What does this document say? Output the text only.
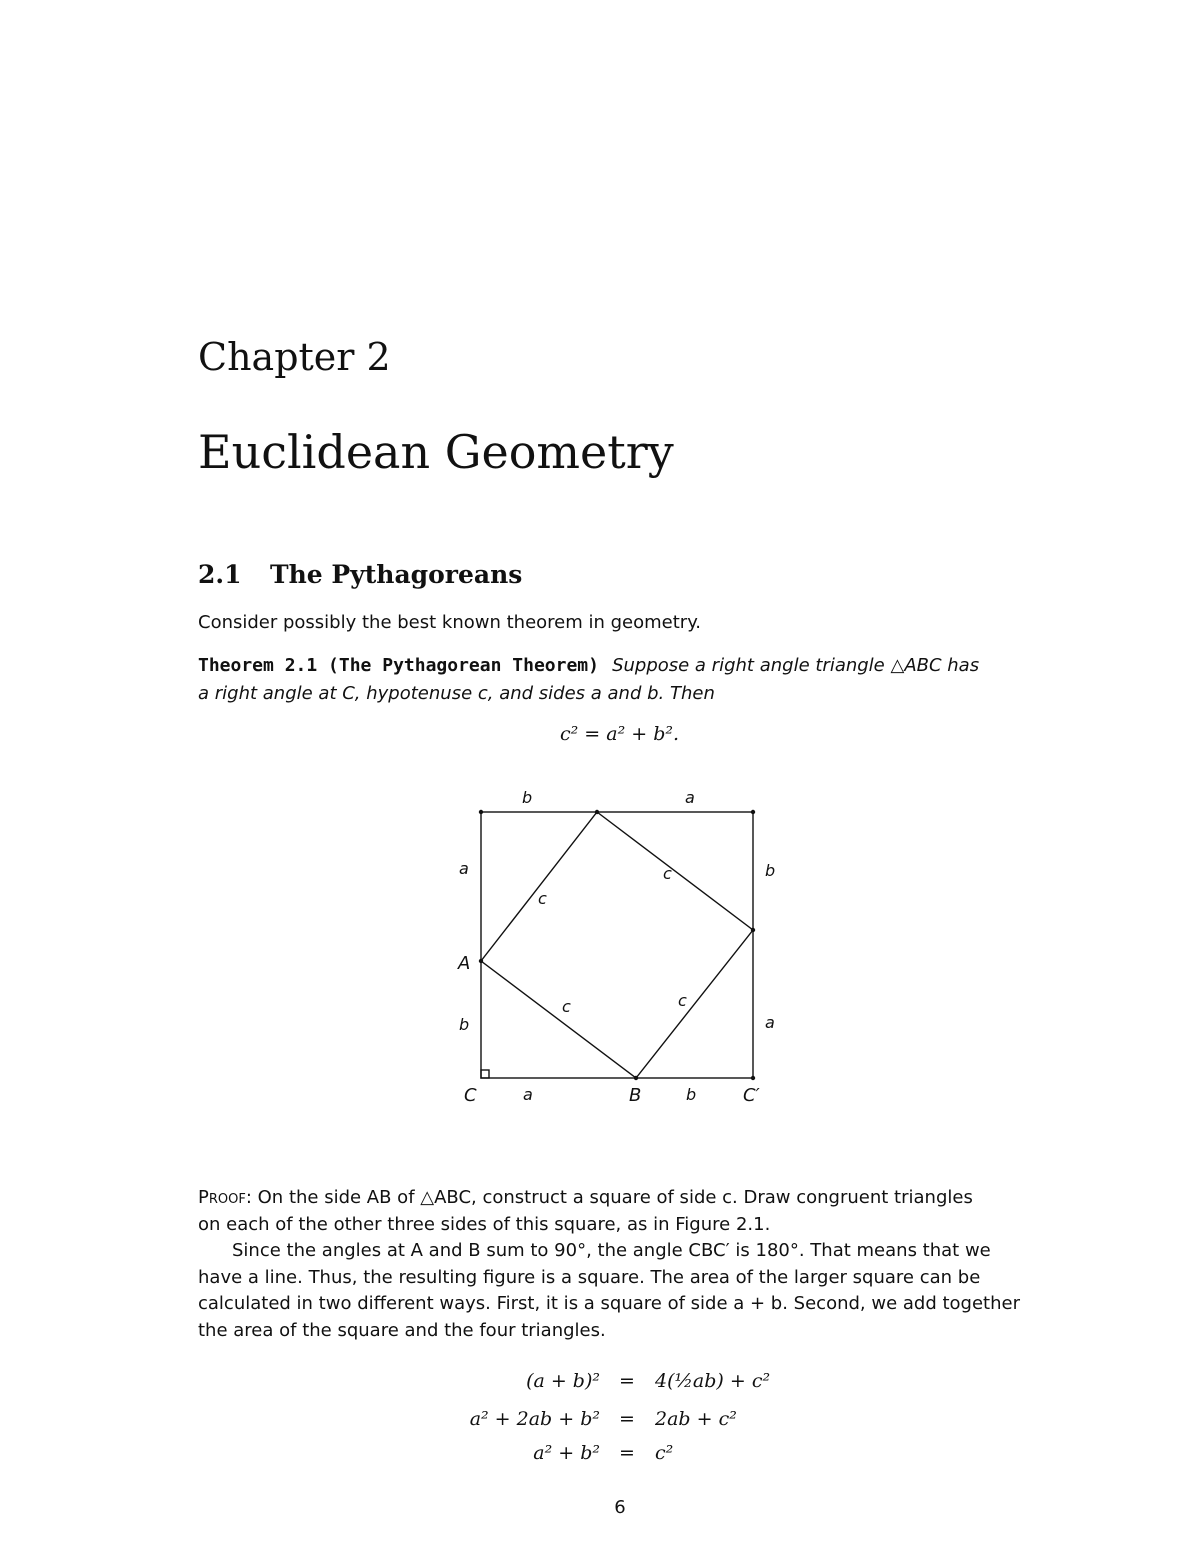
Chapter 2
Euclidean Geometry
2.1 The Pythagoreans
Consider possibly the best known theorem in geometry.
Theorem 2.1 (The Pythagorean Theorem) Suppose a right angle triangle △ABC has
a right angle at C, hypotenuse c, and sides a and b. Then
c² = a² + b².
b	a
a
b
b
a
a	b
c
c
c	c
A
B
C	C′
Proof: On the side AB of △ABC, construct a square of side c. Draw congruent triangles
on each of the other three sides of this square, as in Figure 2.1.
Since the angles at A and B sum to 90°, the angle CBC′ is 180°. That means that we
have a line. Thus, the resulting figure is a square. The area of the larger square can be
calculated in two different ways. First, it is a square of side a + b. Second, we add together
the area of the square and the four triangles.
(a + b)² = 4(½ab) + c²
a² + 2ab + b² = 2ab + c²
a² + b² = c²
6
